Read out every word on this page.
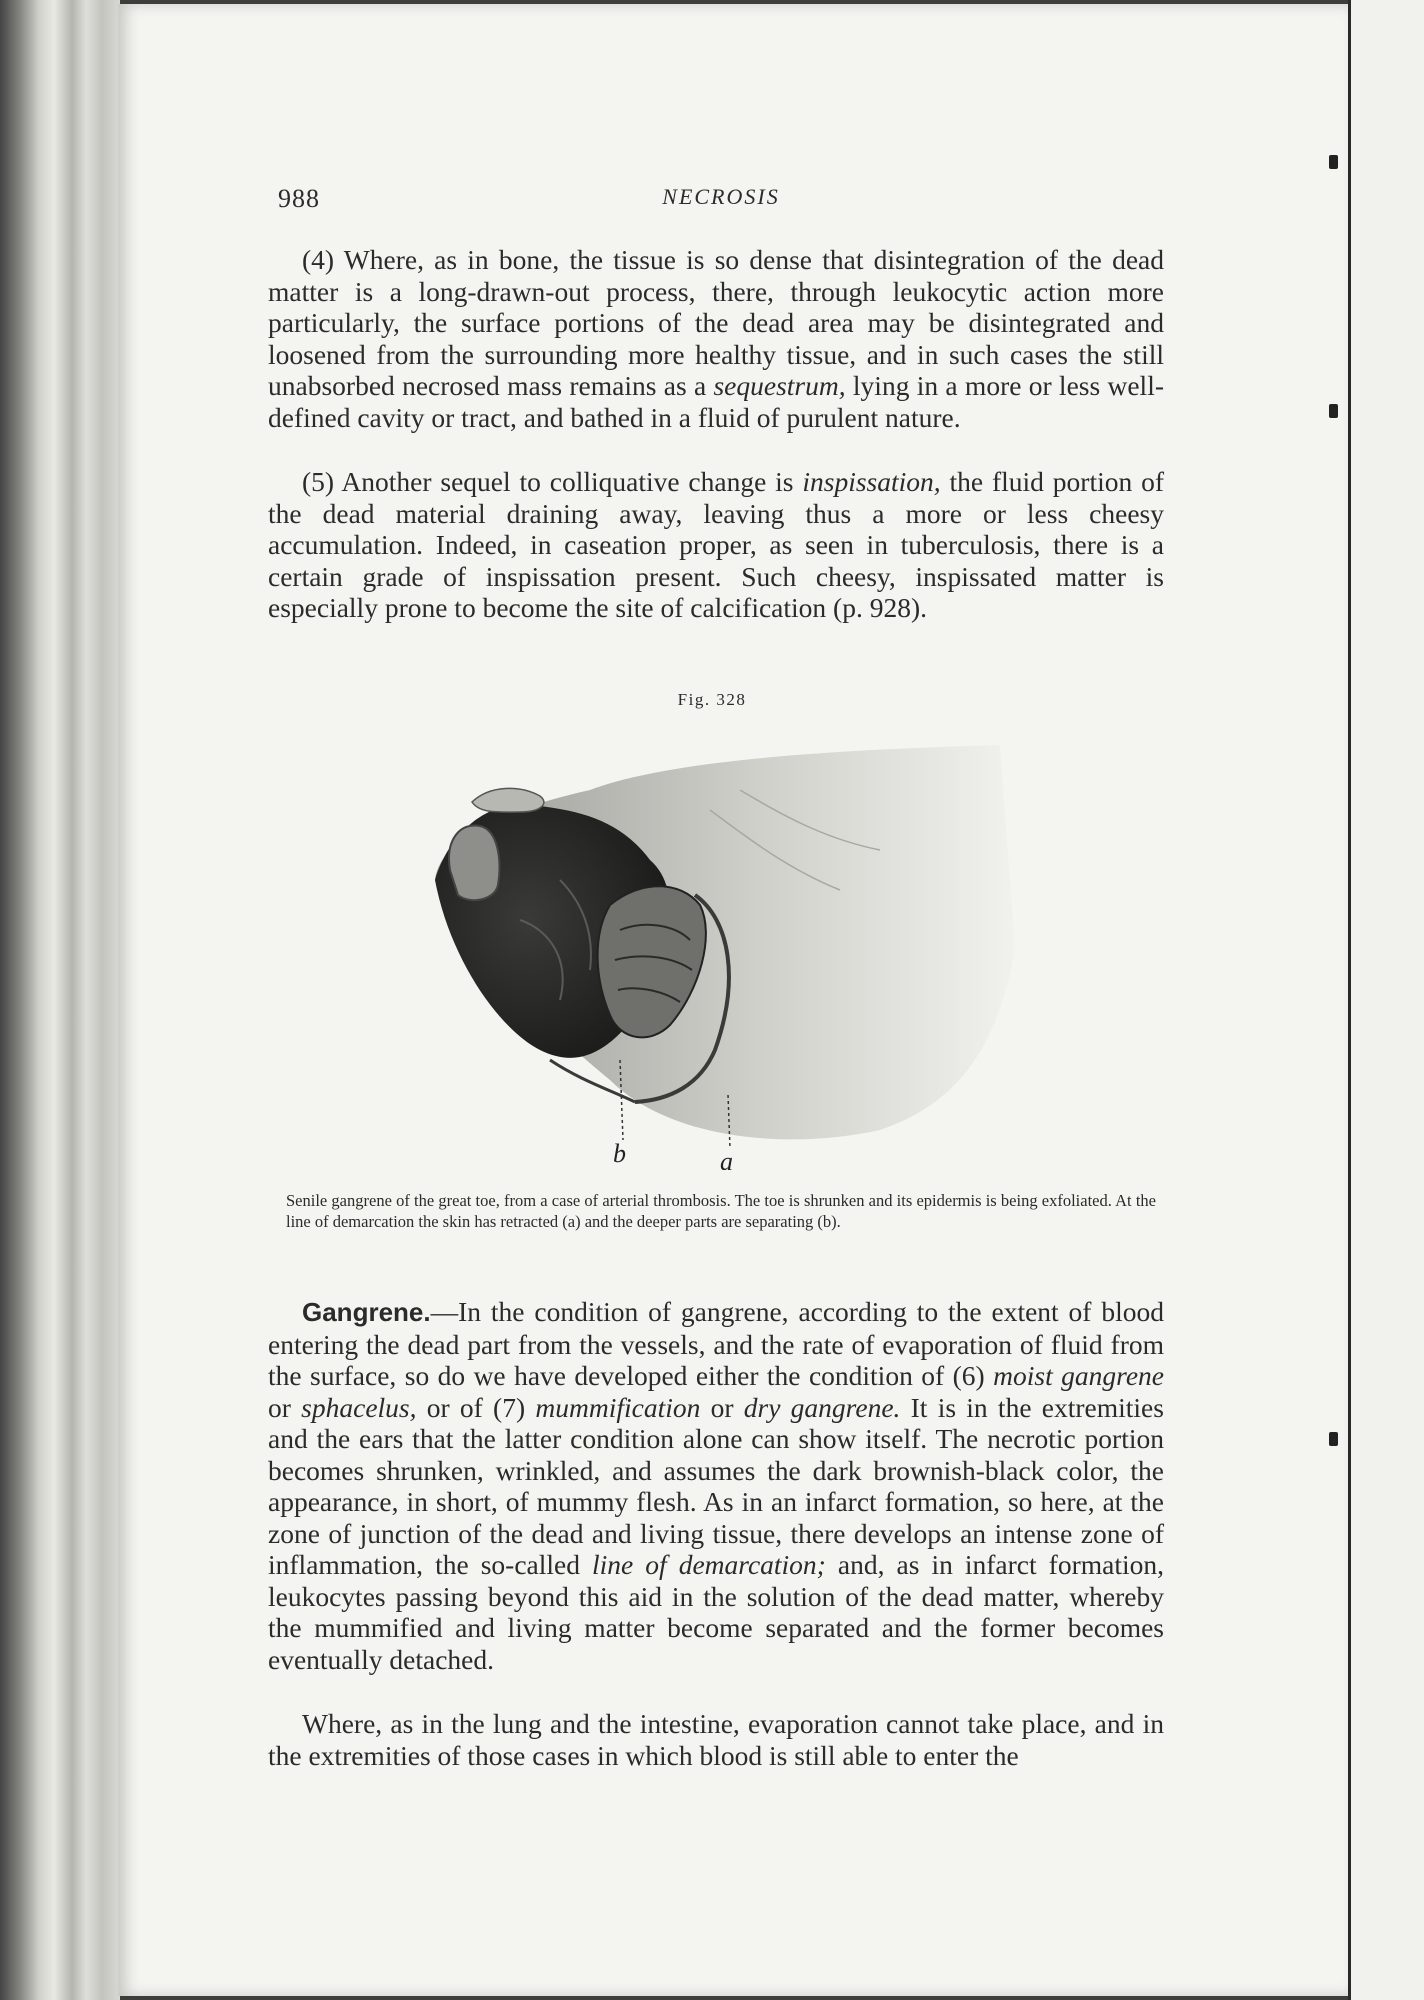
988	NECROSIS

(4) Where, as in bone, the tissue is so dense that disintegration of the dead matter is a long-drawn-out process, there, through leukocytic action more particularly, the surface portions of the dead area may be disintegrated and loosened from the surrounding more healthy tissue, and in such cases the still unabsorbed necrosed mass remains as a sequestrum, lying in a more or less well-defined cavity or tract, and bathed in a fluid of purulent nature.

(5) Another sequel to colliquative change is inspissation, the fluid portion of the dead material draining away, leaving thus a more or less cheesy accumulation. Indeed, in caseation proper, as seen in tuberculosis, there is a certain grade of inspissation present. Such cheesy, inspissated matter is especially prone to become the site of calcification (p. 928).

Fig. 328
b	a

Senile gangrene of the great toe, from a case of arterial thrombosis. The toe is shrunken and its epidermis is being exfoliated. At the line of demarcation the skin has retracted (a) and the deeper parts are separating (b).

Gangrene.—In the condition of gangrene, according to the extent of blood entering the dead part from the vessels, and the rate of evaporation of fluid from the surface, so do we have developed either the condition of (6) moist gangrene or sphacelus, or of (7) mummification or dry gangrene. It is in the extremities and the ears that the latter condition alone can show itself. The necrotic portion becomes shrunken, wrinkled, and assumes the dark brownish-black color, the appearance, in short, of mummy flesh. As in an infarct formation, so here, at the zone of junction of the dead and living tissue, there develops an intense zone of inflammation, the so-called line of demarcation; and, as in infarct formation, leukocytes passing beyond this aid in the solution of the dead matter, whereby the mummified and living matter become separated and the former becomes eventually detached.

Where, as in the lung and the intestine, evaporation cannot take place, and in the extremities of those cases in which blood is still able to enter the
